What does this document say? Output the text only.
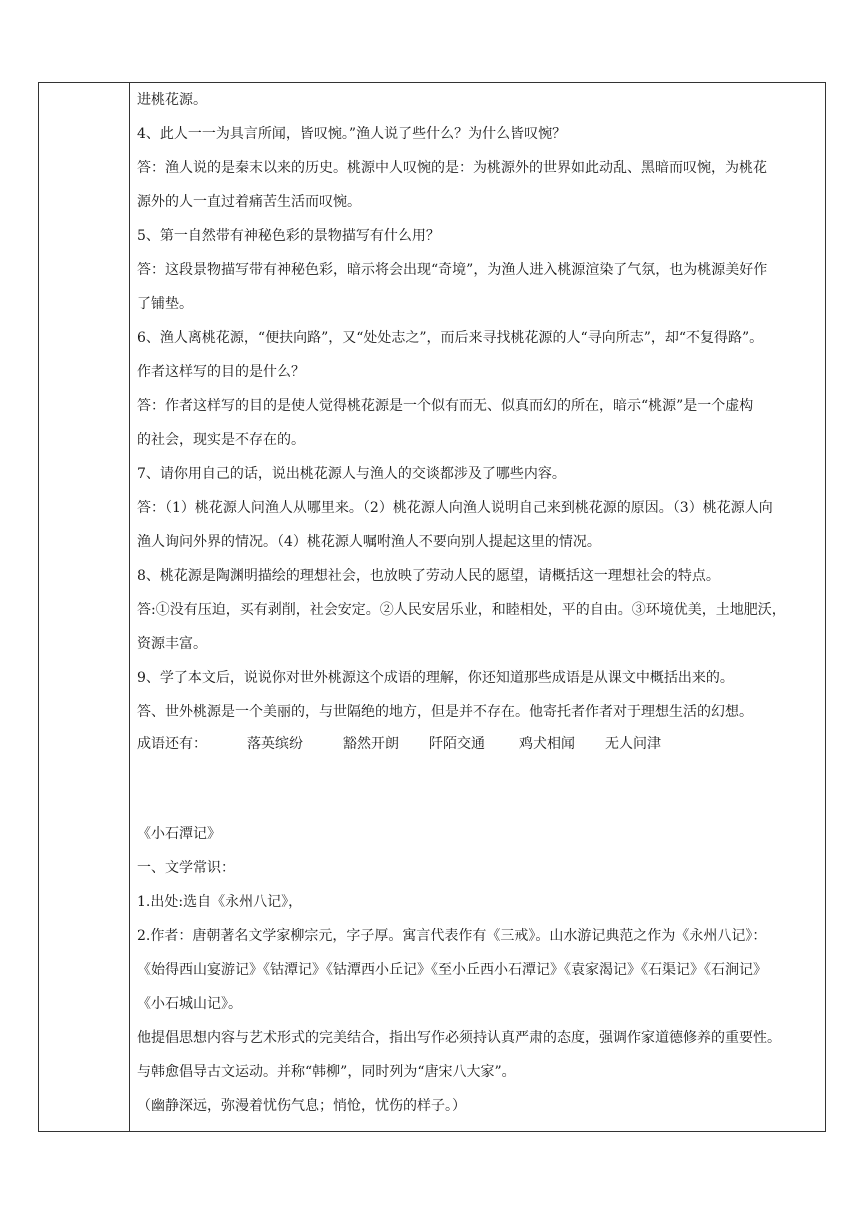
进桃花源。
4、此人一一为具言所闻，皆叹惋。”渔人说了些什么？为什么皆叹惋？
答：渔人说的是秦末以来的历史。桃源中人叹惋的是：为桃源外的世界如此动乱、黑暗而叹惋，为桃花
源外的人一直过着痛苦生活而叹惋。
5、第一自然带有神秘色彩的景物描写有什么用？
答：这段景物描写带有神秘色彩，暗示将会出现“奇境”，为渔人进入桃源渲染了气氛，也为桃源美好作
了铺垫。
6、渔人离桃花源，“便扶向路”，又“处处志之”，而后来寻找桃花源的人“寻向所志”，却“不复得路”。
作者这样写的目的是什么？
答：作者这样写的目的是使人觉得桃花源是一个似有而无、似真而幻的所在，暗示“桃源”是一个虚构
的社会，现实是不存在的。
7、请你用自己的话，说出桃花源人与渔人的交谈都涉及了哪些内容。
答：（1）桃花源人问渔人从哪里来。（2）桃花源人向渔人说明自己来到桃花源的原因。（3）桃花源人向
渔人询问外界的情况。（4）桃花源人嘱咐渔人不要向别人提起这里的情况。
8、桃花源是陶渊明描绘的理想社会，也放映了劳动人民的愿望，请概括这一理想社会的特点。
答:①没有压迫，买有剥削，社会安定。②人民安居乐业，和睦相处，平的自由。③环境优美，土地肥沃，
资源丰富。
9、学了本文后，说说你对世外桃源这个成语的理解，你还知道那些成语是从课文中概括出来的。
答、世外桃源是一个美丽的，与世隔绝的地方，但是并不存在。他寄托者作者对于理想生活的幻想。
成语还有：	落英缤纷	豁然开朗 阡陌交通 鸡犬相闻 无人问津
《小石潭记》
一、文学常识：
1.出处:选自《永州八记》，
2.作者：唐朝著名文学家柳宗元，字子厚。寓言代表作有《三戒》。山水游记典范之作为《永州八记》：
《始得西山宴游记》《钴潭记》《钴潭西小丘记》《至小丘西小石潭记》《袁家渴记》《石渠记》《石涧记》
《小石城山记》。
他提倡思想内容与艺术形式的完美结合，指出写作必须持认真严肃的态度，强调作家道德修养的重要性。
与韩愈倡导古文运动。并称“韩柳”，同时列为“唐宋八大家”。
（幽静深远，弥漫着忧伤气息；悄怆，忧伤的样子。）
